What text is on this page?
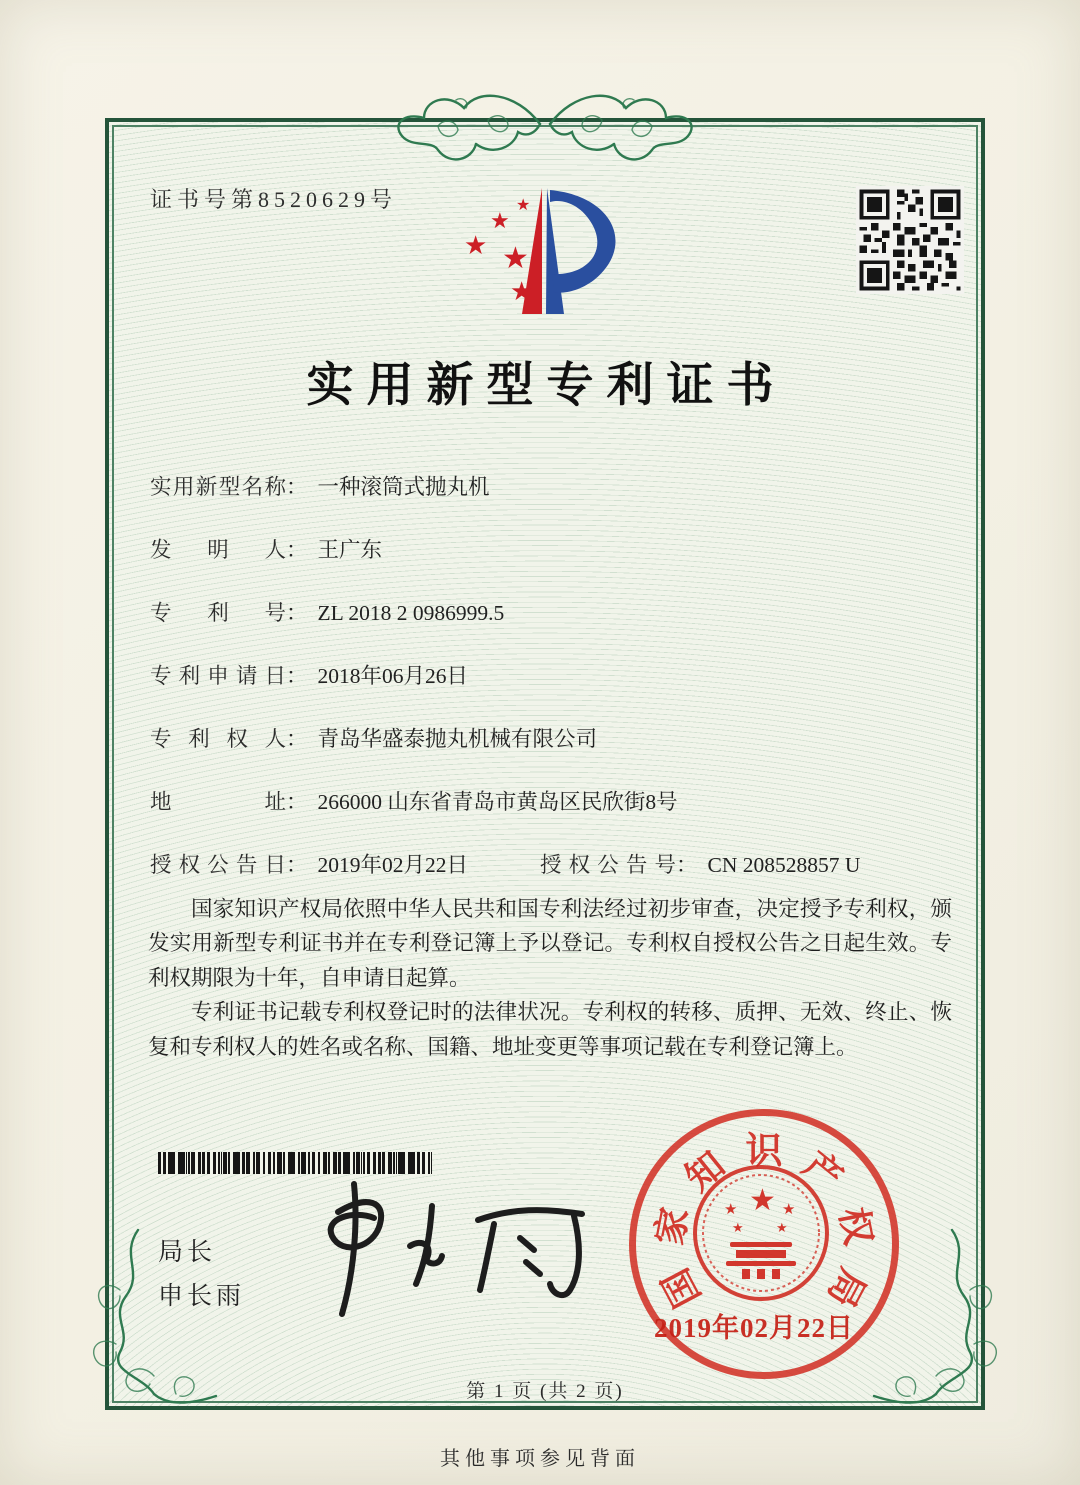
证书号第8520629号
★
★
★
★
★
实用新型专利证书
实用新型名称： 一种滚筒式抛丸机
发明人： 王广东
专利号： ZL 2018 2 0986999.5
专利申请日： 2018年06月26日
专利权人： 青岛华盛泰抛丸机械有限公司
地址： 266000 山东省青岛市黄岛区民欣街8号
授权公告日： 2019年02月22日	授权公告号： CN 208528857 U

国家知识产权局依照中华人民共和国专利法经过初步审查，决定授予专利权，颁发实用新型专利证书并在专利登记簿上予以登记。专利权自授权公告之日起生效。专利权期限为十年，自申请日起算。

专利证书记载专利权登记时的法律状况。专利权的转移、质押、无效、终止、恢复和专利权人的姓名或名称、国籍、地址变更等事项记载在专利登记簿上。

局长
申长雨	国
家
知 识 产
权
局
★
★	★
★ ★
2019年02月22日
第 1 页 (共 2 页)
其他事项参见背面
